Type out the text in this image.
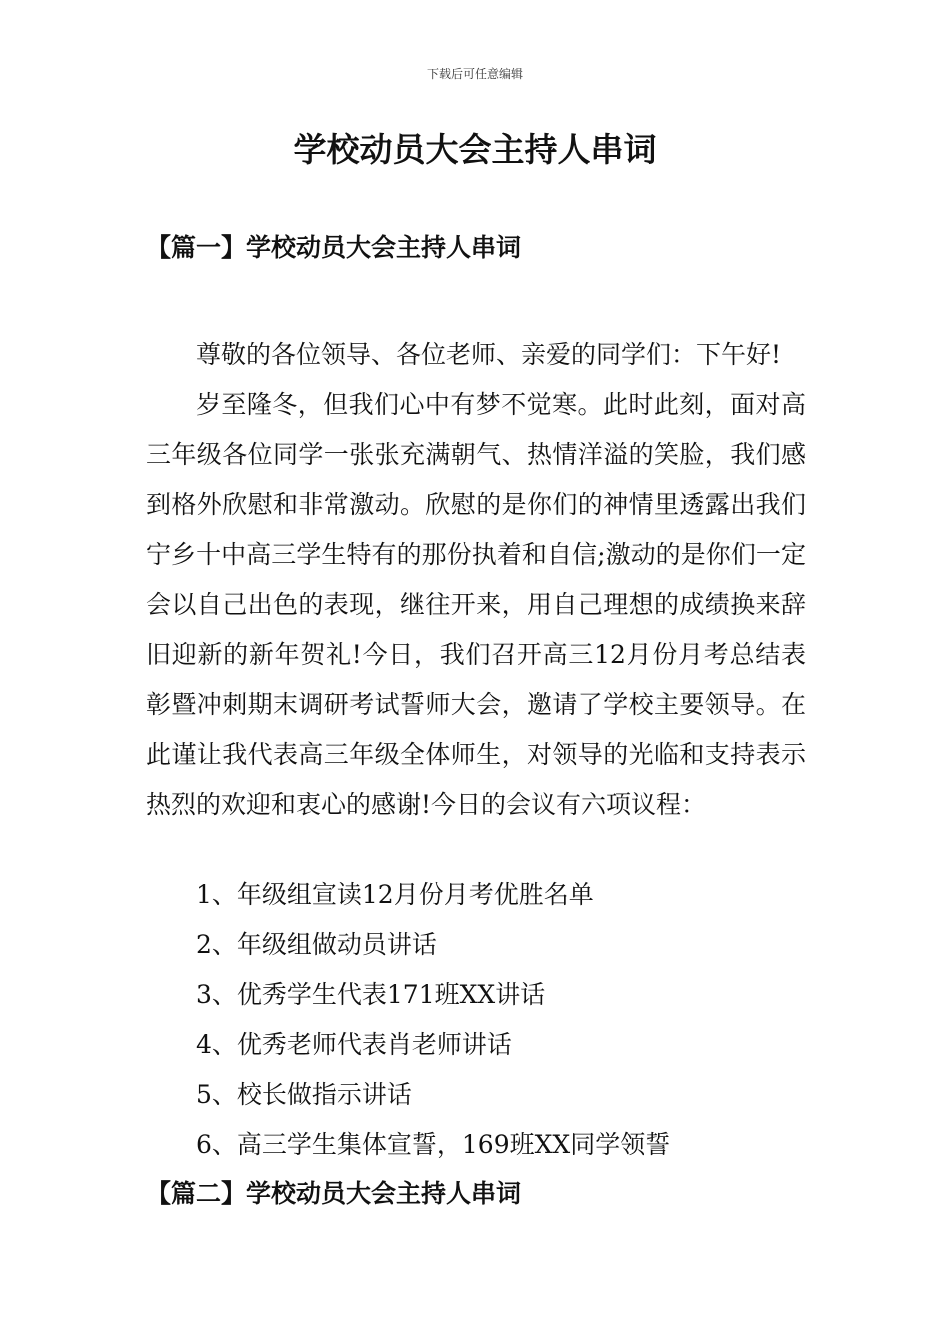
下载后可任意编辑
学校动员大会主持人串词
【篇一】学校动员大会主持人串词

尊敬的各位领导、各位老师、亲爱的同学们：下午好!

岁至隆冬，但我们心中有梦不觉寒。此时此刻，面对高三年级各位同学一张张充满朝气、热情洋溢的笑脸，我们感到格外欣慰和非常激动。欣慰的是你们的神情里透露出我们宁乡十中高三学生特有的那份执着和自信;激动的是你们一定会以自己出色的表现，继往开来，用自己理想的成绩换来辞旧迎新的新年贺礼!今日，我们召开高三12月份月考总结表彰暨冲刺期末调研考试誓师大会，邀请了学校主要领导。在此谨让我代表高三年级全体师生，对领导的光临和支持表示热烈的欢迎和衷心的感谢!今日的会议有六项议程：

1、年级组宣读12月份月考优胜名单
2、年级组做动员讲话
3、优秀学生代表171班XX讲话
4、优秀老师代表肖老师讲话
5、校长做指示讲话
6、高三学生集体宣誓，169班XX同学领誓
【篇二】学校动员大会主持人串词
